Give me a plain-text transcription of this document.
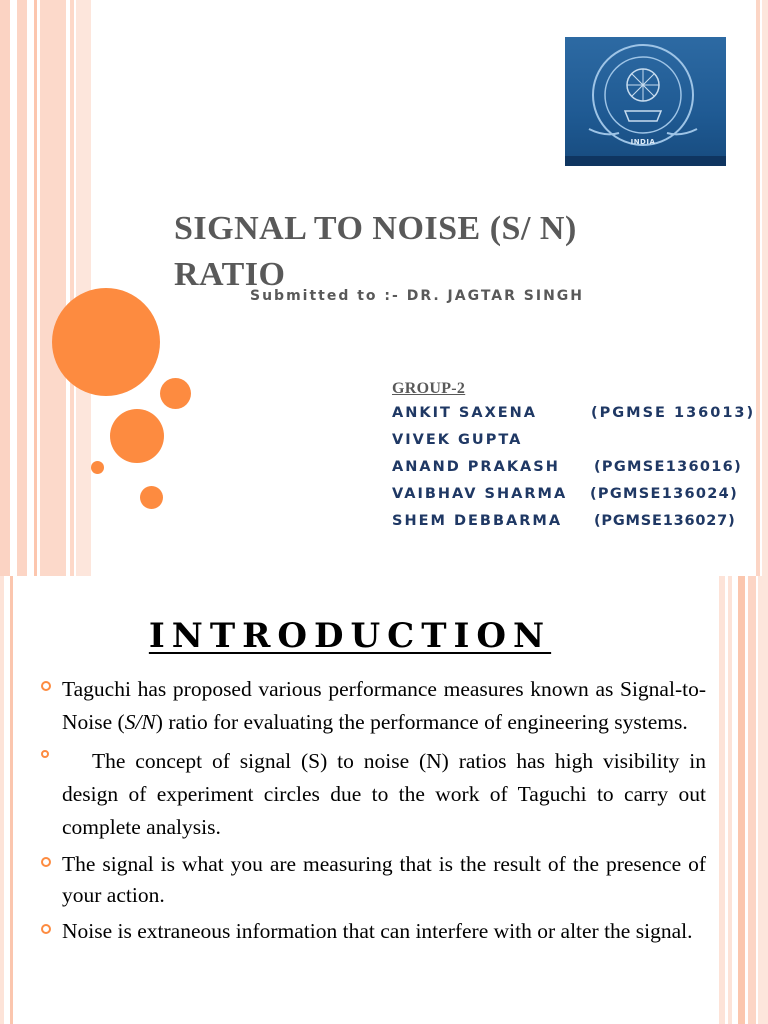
INDIA
SIGNAL TO NOISE (S/ N) RATIO
Submitted to :- DR. JAGTAR SINGH
GROUP-2
ANKIT SAXENA	(PGMSE 136013)
VIVEK GUPTA
ANAND PRAKASH (PGMSE136016)
VAIBHAV SHARMA (PGMSE136024)
SHEM DEBBARMA (PGMSE136027)
INTRODUCTION
Taguchi has proposed various performance measures known as Signal-to-Noise (S/N) ratio for evaluating the performance of engineering systems.
The concept of signal (S) to noise (N) ratios has high visibility in design of experiment circles due to the work of Taguchi to carry out complete analysis.
The signal is what you are measuring that is the result of the presence of your action.
Noise is extraneous information that can interfere with or alter the signal.
